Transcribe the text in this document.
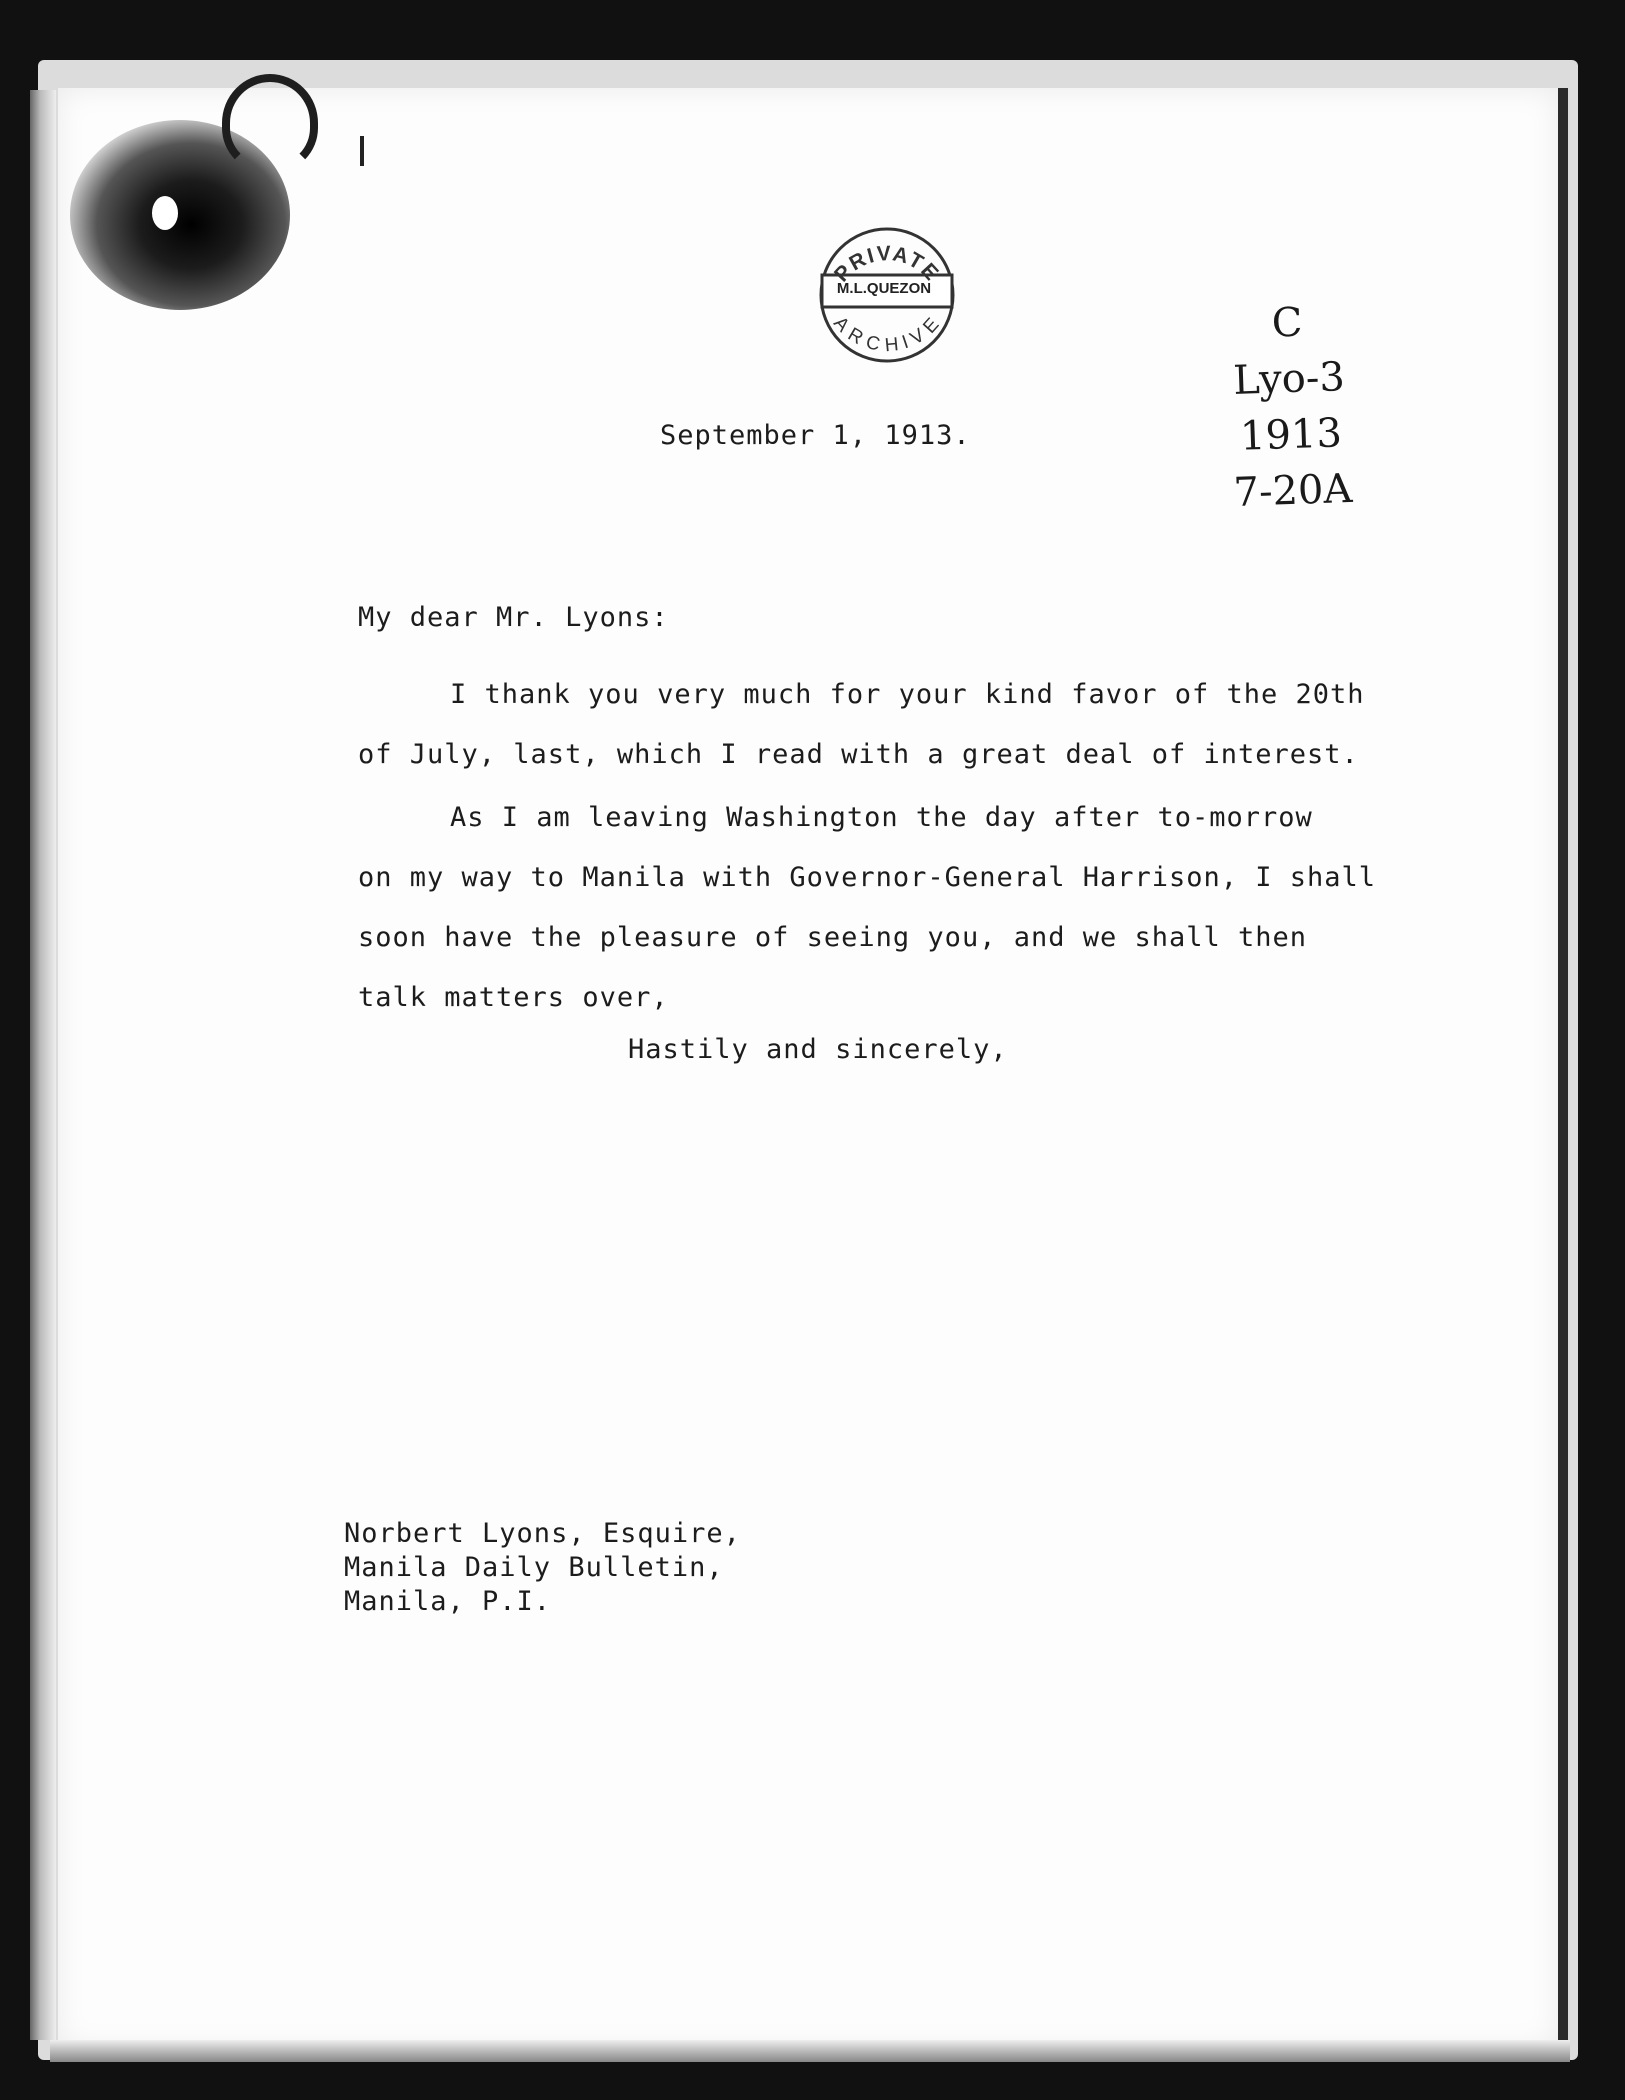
PRIVATE
ARCHIVE
M.L.QUEZON
C
Lyo-3
1913
7-20A
September 1, 1913.
My dear Mr. Lyons:
I thank you very much for your kind favor of the 20th
of July, last, which I read with a great deal of interest.
As I am leaving Washington the day after to-morrow
on my way to Manila with Governor-General Harrison, I shall
soon have the pleasure of seeing you, and we shall then
talk matters over,
Hastily and sincerely,
Norbert Lyons, Esquire,
Manila Daily Bulletin,
Manila, P.I.
